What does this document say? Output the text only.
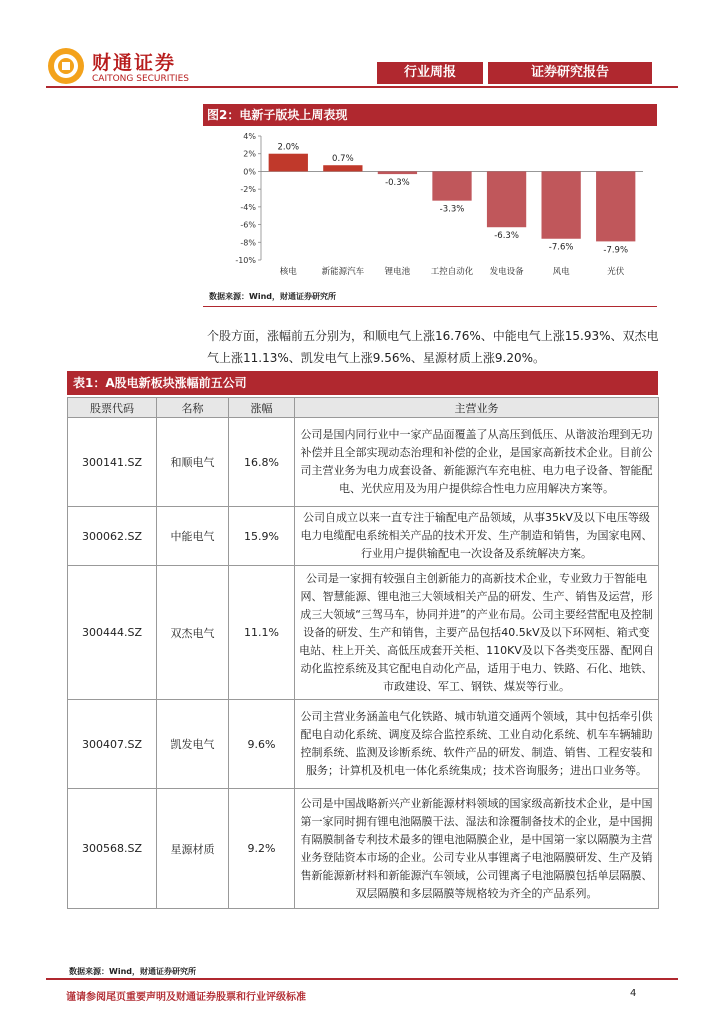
财通证券
CAITONG SECURITIES	行业周报	证券研究报告
图2：电新子版块上周表现
4%
2%
0%
-2%
-4%
-6%
-8%
-10%
2.0%
核电
0.7%
新能源汽车
-0.3%
锂电池
-3.3%
工控自动化
-6.3%
发电设备
-7.6%
风电
-7.9%
光伏
数据来源：Wind，财通证券研究所
个股方面，涨幅前五分别为，和顺电气上涨16.76%、中能电气上涨15.93%、双杰电气上涨11.13%、凯发电气上涨9.56%、星源材质上涨9.20%。
表1：A股电新板块涨幅前五公司
股票代码	名称	涨幅	主营业务
300141.SZ	和顺电气	16.8%	公司是国内同行业中一家产品面覆盖了从高压到低压、从谐波治理到无功补偿并且全部实现动态治理和补偿的企业，是国家高新技术企业。目前公司主营业务为电力成套设备、新能源汽车充电桩、电力电子设备、智能配电、光伏应用及为用户提供综合性电力应用解决方案等。
300062.SZ	中能电气	15.9%	公司自成立以来一直专注于输配电产品领域，从事35kV及以下电压等级电力电缆配电系统相关产品的技术开发、生产制造和销售，为国家电网、行业用户提供输配电一次设备及系统解决方案。
300444.SZ	双杰电气	11.1%	公司是一家拥有较强自主创新能力的高新技术企业，专业致力于智能电网、智慧能源、锂电池三大领域相关产品的研发、生产、销售及运营，形成三大领域“三驾马车，协同并进”的产业布局。公司主要经营配电及控制设备的研发、生产和销售，主要产品包括40.5kV及以下环网柜、箱式变电站、柱上开关、高低压成套开关柜、110KV及以下各类变压器、配网自动化监控系统及其它配电自动化产品，适用于电力、铁路、石化、地铁、市政建设、军工、钢铁、煤炭等行业。
300407.SZ	凯发电气	9.6%	公司主营业务涵盖电气化铁路、城市轨道交通两个领域，其中包括牵引供配电自动化系统、调度及综合监控系统、工业自动化系统、机车车辆辅助控制系统、监测及诊断系统、软件产品的研发、制造、销售、工程安装和服务；计算机及机电一体化系统集成；技术咨询服务；进出口业务等。
300568.SZ	星源材质	9.2%	公司是中国战略新兴产业新能源材料领域的国家级高新技术企业，是中国第一家同时拥有锂电池隔膜干法、湿法和涂覆制备技术的企业，是中国拥有隔膜制备专利技术最多的锂电池隔膜企业，是中国第一家以隔膜为主营业务登陆资本市场的企业。公司专业从事锂离子电池隔膜研发、生产及销售新能源新材料和新能源汽车领域，公司锂离子电池隔膜包括单层隔膜、双层隔膜和多层隔膜等规格较为齐全的产品系列。
数据来源：Wind，财通证券研究所
谨请参阅尾页重要声明及财通证券股票和行业评级标准	4
